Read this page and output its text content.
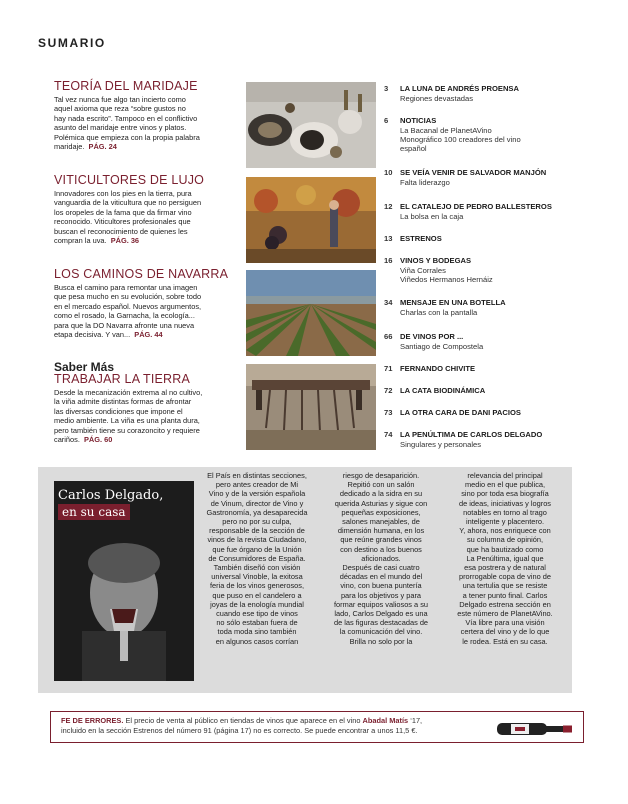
SUMARIO
TEORÍA DEL MARIDAJE

Tal vez nunca fue algo tan incierto como
aquel axioma que reza “sobre gustos no
hay nada escrito”. Tampoco en el conflictivo
asunto del maridaje entre vinos y platos.
Polémica que empieza con la propia palabra
maridaje. PÁG. 24

VITICULTORES DE LUJO

Innovadores con los pies en la tierra, pura
vanguardia de la viticultura que no persiguen
los oropeles de la fama que da firmar vino
reconocido. Viticultores profesionales que
buscan el reconocimiento de quienes les
compran la uva. PÁG. 36

LOS CAMINOS DE NAVARRA

Busca el camino para remontar una imagen
que pesa mucho en su evolución, sobre todo
en el mercado español. Nuevos argumentos,
como el rosado, la Garnacha, la ecología...
para que la DO Navarra afronte una nueva
etapa decisiva. Y van... PÁG. 44

Saber Más
TRABAJAR LA TIERRA

Desde la mecanización extrema al no cultivo,
la viña admite distintas formas de afrontar
las diversas condiciones que impone el
medio ambiente. La viña es una planta dura,
pero también tiene su corazoncito y requiere
cariños. PÁG. 60

3 LA LUNA DE ANDRÉS PROENSA
Regiones devastadas
6 NOTICIAS
La Bacanal de PlanetAVino
Monográfico 100 creadores del vino
español
10 SE VEÍA VENIR DE SALVADOR MANJÓN
Falta liderazgo
12 EL CATALEJO DE PEDRO BALLESTEROS
La bolsa en la caja
13 ESTRENOS
16 VINOS Y BODEGAS
Viña Corrales
Viñedos Hermanos Hernáiz
34 MENSAJE EN UNA BOTELLA
Charlas con la pantalla
66 DE VINOS POR ...
Santiago de Compostela
71 FERNANDO CHIVITE
72 LA CATA BIODINÁMICA
73 LA OTRA CARA DE DANI PACIOS
74 LA PENÚLTIMA DE CARLOS DELGADO
Singulares y personales
Carlos Delgado,
en su casa
El País en distintas secciones,
pero antes creador de Mi
Vino y de la versión española
de Vinum, director de Vino y
Gastronomía, ya desaparecida
pero no por su culpa,
responsable de la sección de
vinos de la revista Ciudadano,
que fue órgano de la Unión
de Consumidores de España.
También diseñó con visión
universal Vinoble, la exitosa
feria de los vinos generosos,
que puso en el candelero a
joyas de la enología mundial
cuando ese tipo de vinos
no sólo estaban fuera de
toda moda sino también
en algunos casos corrían
riesgo de desaparición.
Repitió con un salón
dedicado a la sidra en su
querida Asturias y sigue con
pequeñas exposiciones,
salones manejables, de
dimensión humana, en los
que reúne grandes vinos
con destino a los buenos
aficionados.
Después de casi cuatro
décadas en el mundo del
vino, con buena puntería
para los objetivos y para
formar equipos valiosos a su
lado, Carlos Delgado es una
de las figuras destacadas de
la comunicación del vino.
Brilla no solo por la
relevancia del principal
medio en el que publica,
sino por toda esa biografía
de ideas, iniciativas y logros
notables en torno al trago
inteligente y placentero.
Y, ahora, nos enriquece con
su columna de opinión,
que ha bautizado como
La Penúltima, igual que
esa postrera y de natural
prorrogable copa de vino de
una tertulia que se resiste
a tener punto final. Carlos
Delgado estrena sección en
este número de PlanetAVino.
Vía libre para una visión
certera del vino y de lo que
le rodea. Está en su casa.

FE DE ERRORES. El precio de venta al público en tiendas de vinos que aparece en el vino Abadal Matís ‘17,
incluido en la sección Estrenos del número 91 (página 17) no es correcto. Se puede encontrar a unos 11,5 €.
